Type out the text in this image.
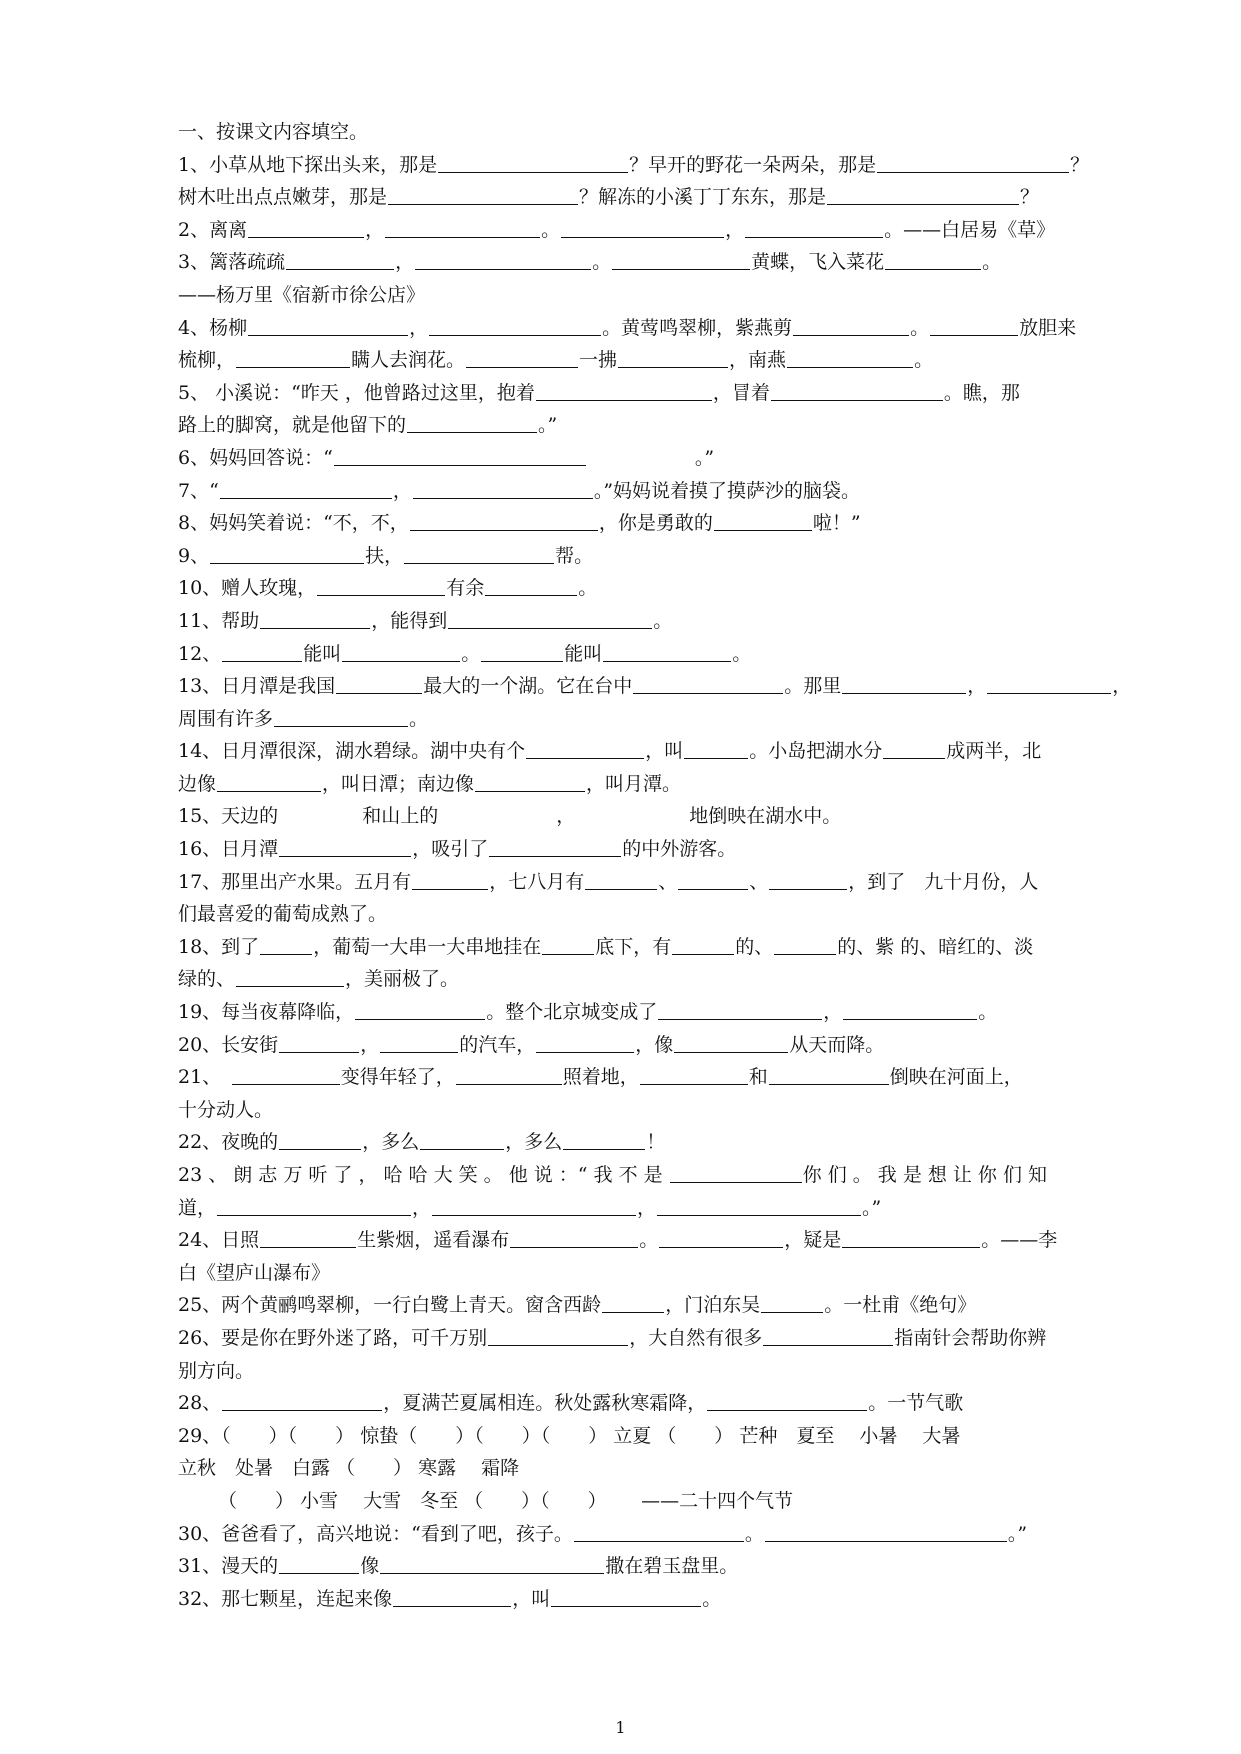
一、按课文内容填空。
1、小草从地下探出头来，那是	？早开的野花一朵两朵，那是	？
树木吐出点点嫩芽，那是	？解冻的小溪丁丁东东，那是	？
2、离离	，	。	，	。——白居易《草》
3、篱落疏疏	，	。	黄蝶，飞入菜花	。
——杨万里《宿新市徐公店》
4、杨柳	，	。黄莺鸣翠柳，紫燕剪	。	放胆来
梳柳，	瞒人去润花。	一拂	，南燕	。
5、 小溪说：“昨天 ，他曾路过这里，抱着	，冒着	。瞧，那
路上的脚窝，就是他留下的	。”
6、妈妈回答说：“	。”
7、“	，	。”妈妈说着摸了摸萨沙的脑袋。
8、妈妈笑着说：“不，不，	，你是勇敢的	啦！”
9、	扶，	帮。
10、赠人玫瑰，	有余	。
11、帮助	，能得到	。
12、	能叫	。	能叫	。
13、日月潭是我国	最大的一个湖。它在台中	。那里	，	，
周围有许多	。
14、日月潭很深，湖水碧绿。湖中央有个	，叫	。小岛把湖水分	成两半，北
边像	，叫日潭；南边像	，叫月潭。
15、天边的	和山上的	，	地倒映在湖水中。
16、日月潭	，吸引了	的中外游客。
17、那里出产水果。五月有	，七八月有	、	、	，到了　九十月份，人
们最喜爱的葡萄成熟了。
18、到了	，葡萄一大串一大串地挂在	底下，有	的、	的、紫 的、暗红的、淡
绿的、	，美丽极了。
19、每当夜幕降临，	。整个北京城变成了	，	。
20、长安街	，	的汽车，	，像	从天而降。
21、　	变得年轻了，	照着地，	和	倒映在河面上，
十分动人。
22、夜晚的	，多么	，多么	！
23 、 朗 志 万 听 了 ， 哈 哈 大 笑 。 他 说 ：“ 我 不 是	你 们 。 我 是 想 让 你 们 知
道，	，	，	。”
24、日照	生紫烟，遥看瀑布	。	，疑是	。——李
白《望庐山瀑布》
25、两个黄鹂鸣翠柳，一行白鹭上青天。窗含西龄	，门泊东吴	。一杜甫《绝句》
26、要是你在野外迷了路，可千万别	，大自然有很多	指南针会帮助你辨
别方向。
28、	，夏满芒夏属相连。秋处露秋寒霜降，	。一节气歌
29、（　　）（　　） 惊蛰（　　）（　　）（　　） 立夏 （　　） 芒种　夏至　 小暑　 大暑
立秋　处暑　白露 （　　） 寒露　 霜降
（　　） 小雪　 大雪　冬至 （　　）（　　）　　 ——二十四个气节
30、爸爸看了，高兴地说：“看到了吧，孩子。	。	。”
31、漫天的	像	撒在碧玉盘里。
32、那七颗星，连起来像	，叫	。
1
